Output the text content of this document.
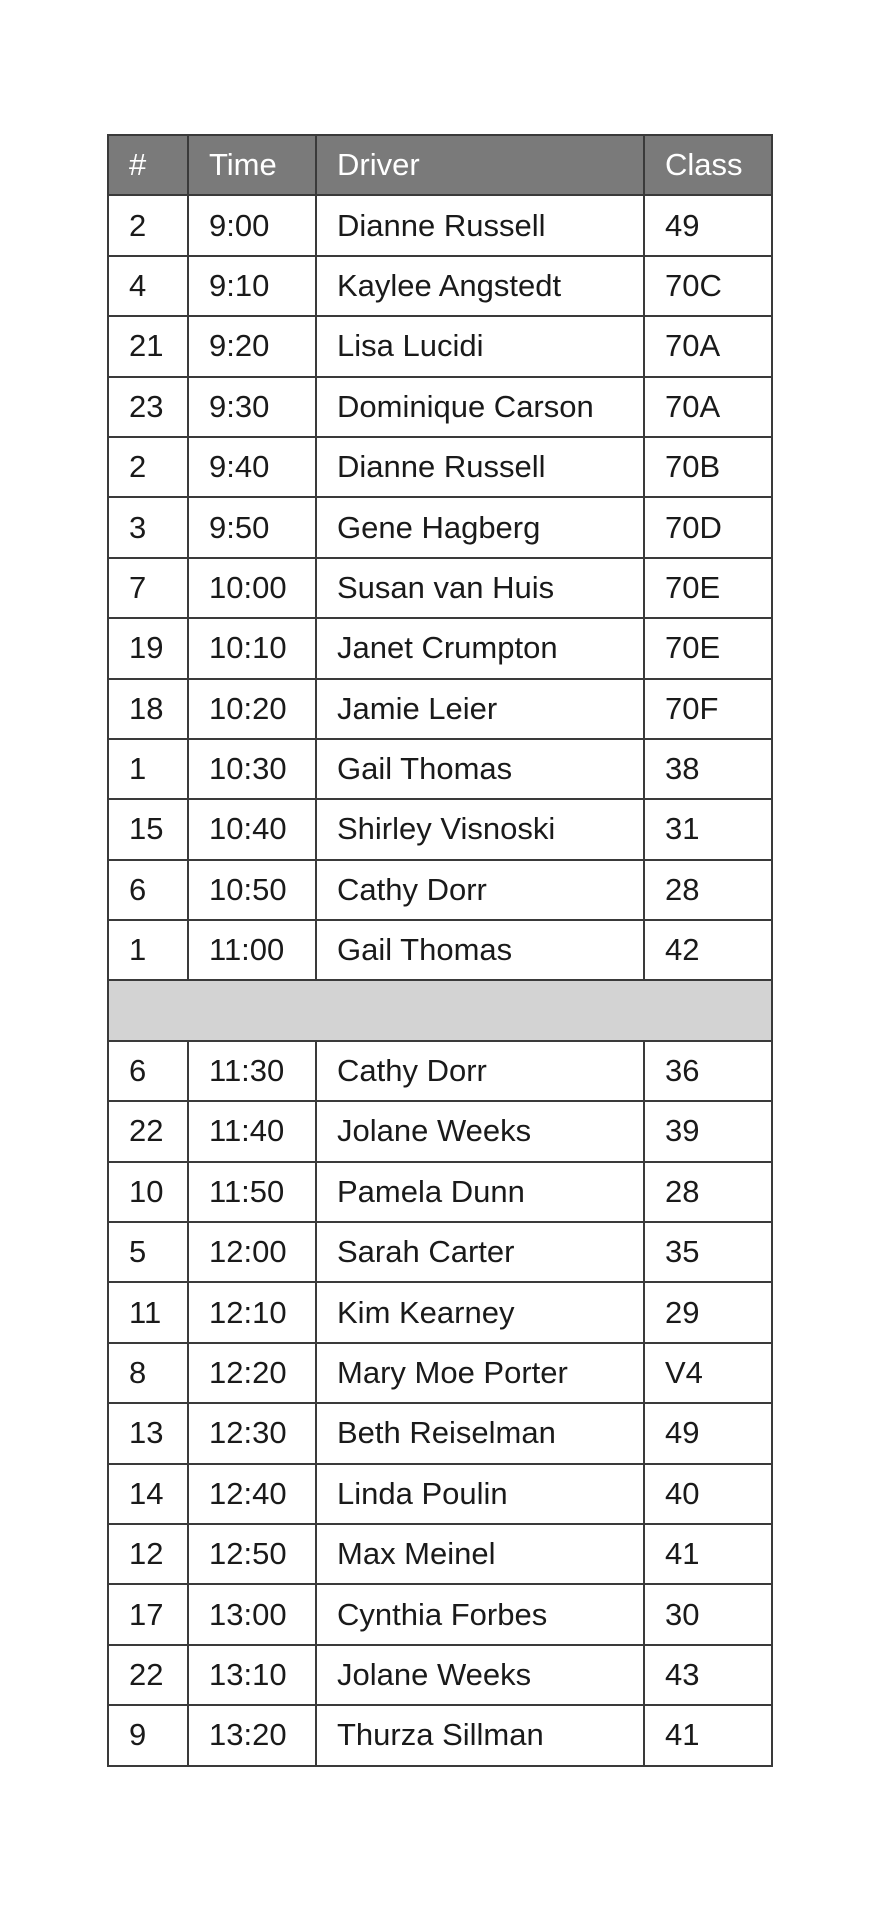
#	Time	Driver	Class
2	9:00	Dianne Russell	49
4	9:10	Kaylee Angstedt	70C
21	9:20	Lisa Lucidi	70A
23	9:30	Dominique Carson	70A
2	9:40	Dianne Russell	70B
3	9:50	Gene Hagberg	70D
7	10:00	Susan van Huis	70E
19	10:10	Janet Crumpton	70E
18	10:20	Jamie Leier	70F
1	10:30	Gail Thomas	38
15	10:40	Shirley Visnoski	31
6	10:50	Cathy Dorr	28
1	11:00	Gail Thomas	42

6	11:30	Cathy Dorr	36
22	11:40	Jolane Weeks	39
10	11:50	Pamela Dunn	28
5	12:00	Sarah Carter	35
11	12:10	Kim Kearney	29
8	12:20	Mary Moe Porter	V4
13	12:30	Beth Reiselman	49
14	12:40	Linda Poulin	40
12	12:50	Max Meinel	41
17	13:00	Cynthia Forbes	30
22	13:10	Jolane Weeks	43
9	13:20	Thurza Sillman	41
